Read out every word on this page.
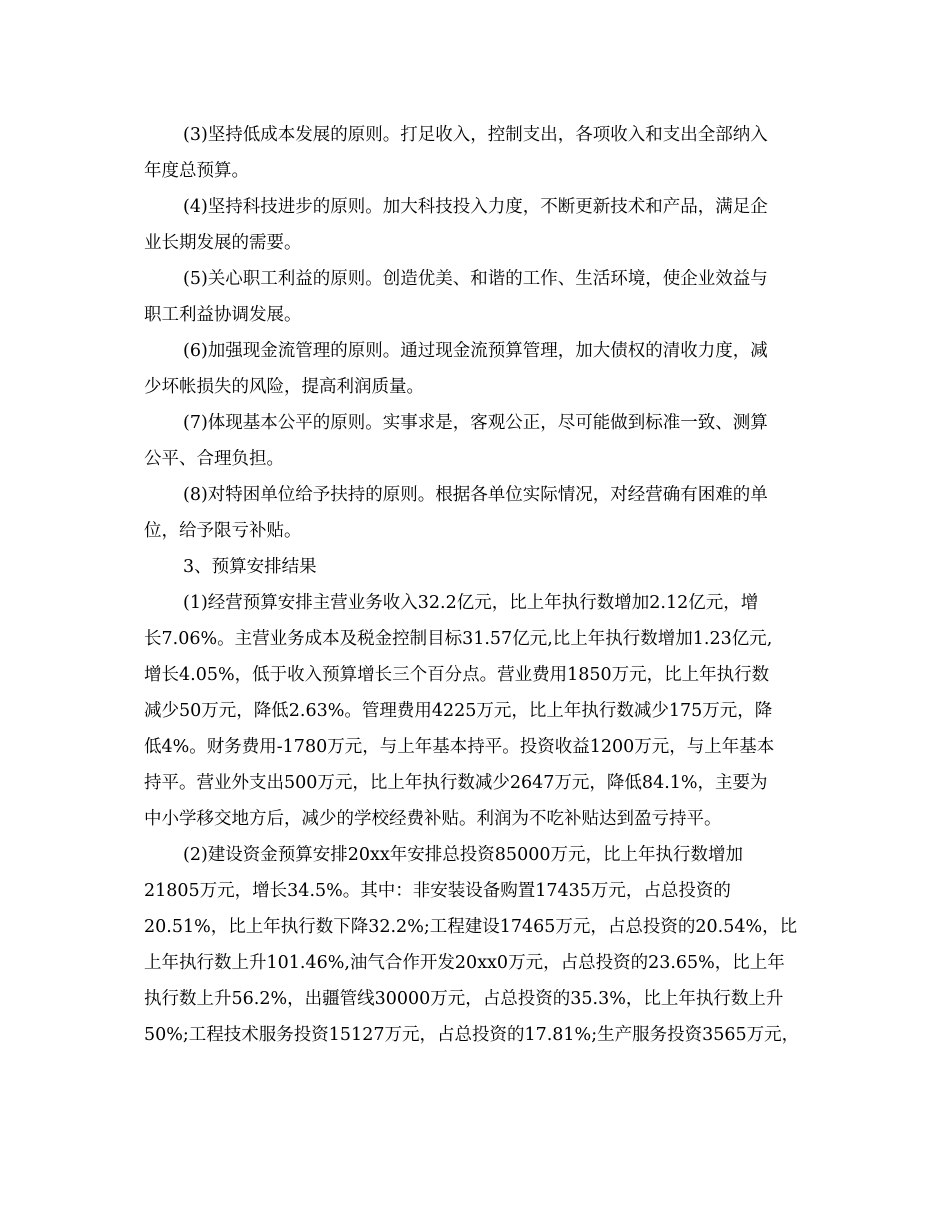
(3)坚持低成本发展的原则。打足收入，控制支出，各项收入和支出全部纳入

年度总预算。

(4)坚持科技进步的原则。加大科技投入力度，不断更新技术和产品，满足企

业长期发展的需要。

(5)关心职工利益的原则。创造优美、和谐的工作、生活环境，使企业效益与

职工利益协调发展。

(6)加强现金流管理的原则。通过现金流预算管理，加大债权的清收力度，减

少坏帐损失的风险，提高利润质量。

(7)体现基本公平的原则。实事求是，客观公正，尽可能做到标准一致、测算

公平、合理负担。

(8)对特困单位给予扶持的原则。根据各单位实际情况，对经营确有困难的单

位，给予限亏补贴。

3、预算安排结果

(1)经营预算安排主营业务收入32.2亿元，比上年执行数增加2.12亿元，增

长7.06%。主营业务成本及税金控制目标31.57亿元,比上年执行数增加1.23亿元,

增长4.05%，低于收入预算增长三个百分点。营业费用1850万元，比上年执行数

减少50万元，降低2.63%。管理费用4225万元，比上年执行数减少175万元，降

低4%。财务费用-1780万元，与上年基本持平。投资收益1200万元，与上年基本

持平。营业外支出500万元，比上年执行数减少2647万元，降低84.1%，主要为

中小学移交地方后，减少的学校经费补贴。利润为不吃补贴达到盈亏持平。

(2)建设资金预算安排20xx年安排总投资85000万元，比上年执行数增加

21805万元，增长34.5%。其中：非安装设备购置17435万元，占总投资的

20.51%，比上年执行数下降32.2%;工程建设17465万元，占总投资的20.54%，比

上年执行数上升101.46%,油气合作开发20xx0万元，占总投资的23.65%，比上年

执行数上升56.2%，出疆管线30000万元，占总投资的35.3%，比上年执行数上升

50%;工程技术服务投资15127万元，占总投资的17.81%;生产服务投资3565万元，
